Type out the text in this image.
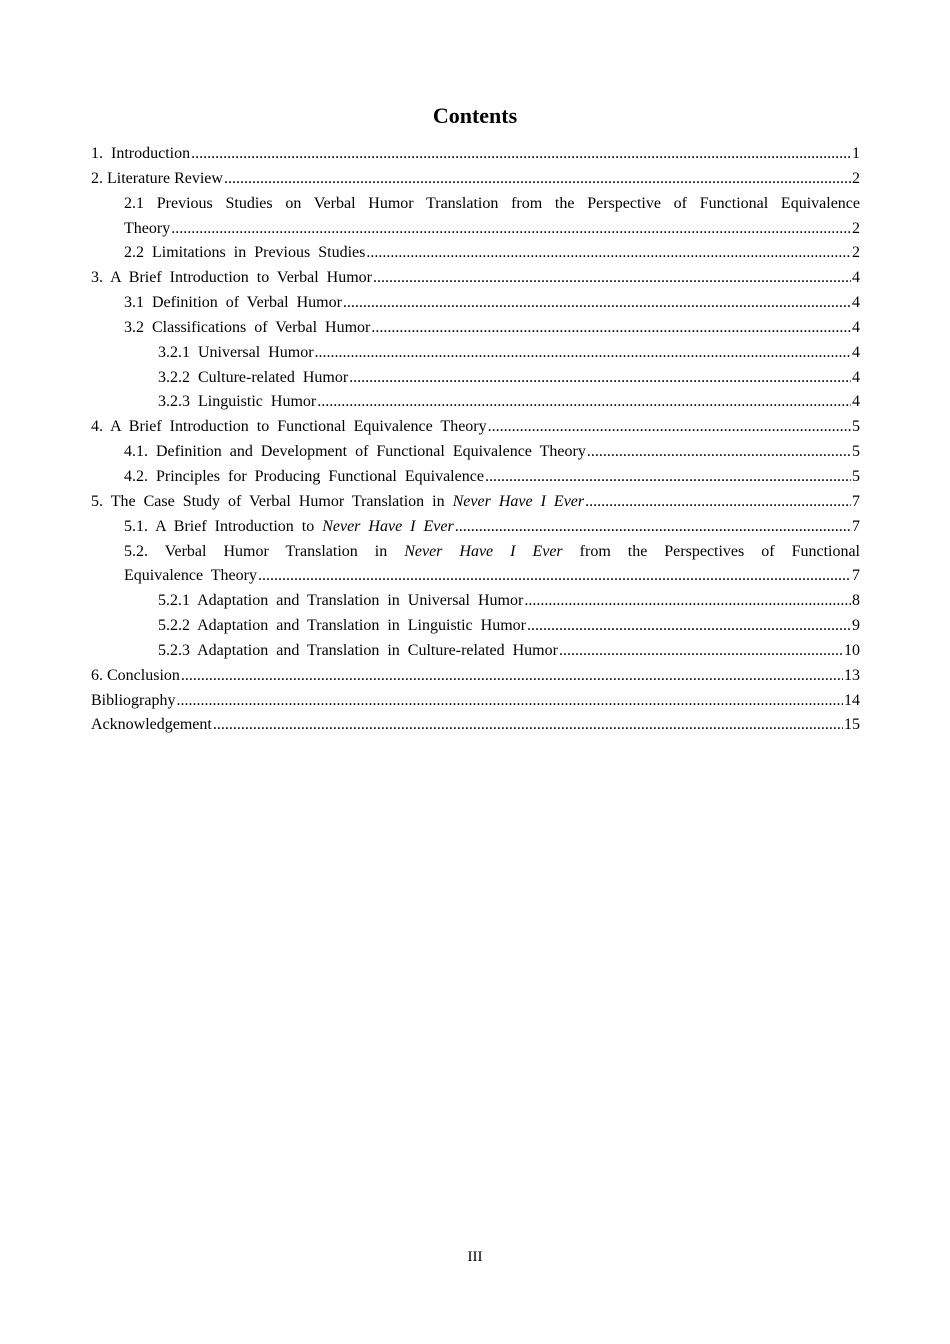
Contents
1. Introduction .....	1
2. Literature Review .....	2
2.1 Previous Studies on Verbal Humor Translation from the Perspective of Functional Equivalence
Theory .....	2
2.2 Limitations in Previous Studies .....	2
3. A Brief Introduction to Verbal Humor .....	4
3.1 Definition of Verbal Humor .....	4
3.2 Classifications of Verbal Humor .....	4
3.2.1 Universal Humor .....	4
3.2.2 Culture-related Humor .....	4
3.2.3 Linguistic Humor .....	4
4. A Brief Introduction to Functional Equivalence Theory .....	5
4.1. Definition and Development of Functional Equivalence Theory .....	5
4.2. Principles for Producing Functional Equivalence .....	5
5. The Case Study of Verbal Humor Translation in Never Have I Ever .....	7
5.1. A Brief Introduction to Never Have I Ever .....	7
5.2. Verbal Humor Translation in Never Have I Ever from the Perspectives of Functional
Equivalence Theory .....	7
5.2.1 Adaptation and Translation in Universal Humor .....	8
5.2.2 Adaptation and Translation in Linguistic Humor .....	9
5.2.3 Adaptation and Translation in Culture-related Humor .....	10
6. Conclusion .....	13
Bibliography .....	14
Acknowledgement .....	15
III
